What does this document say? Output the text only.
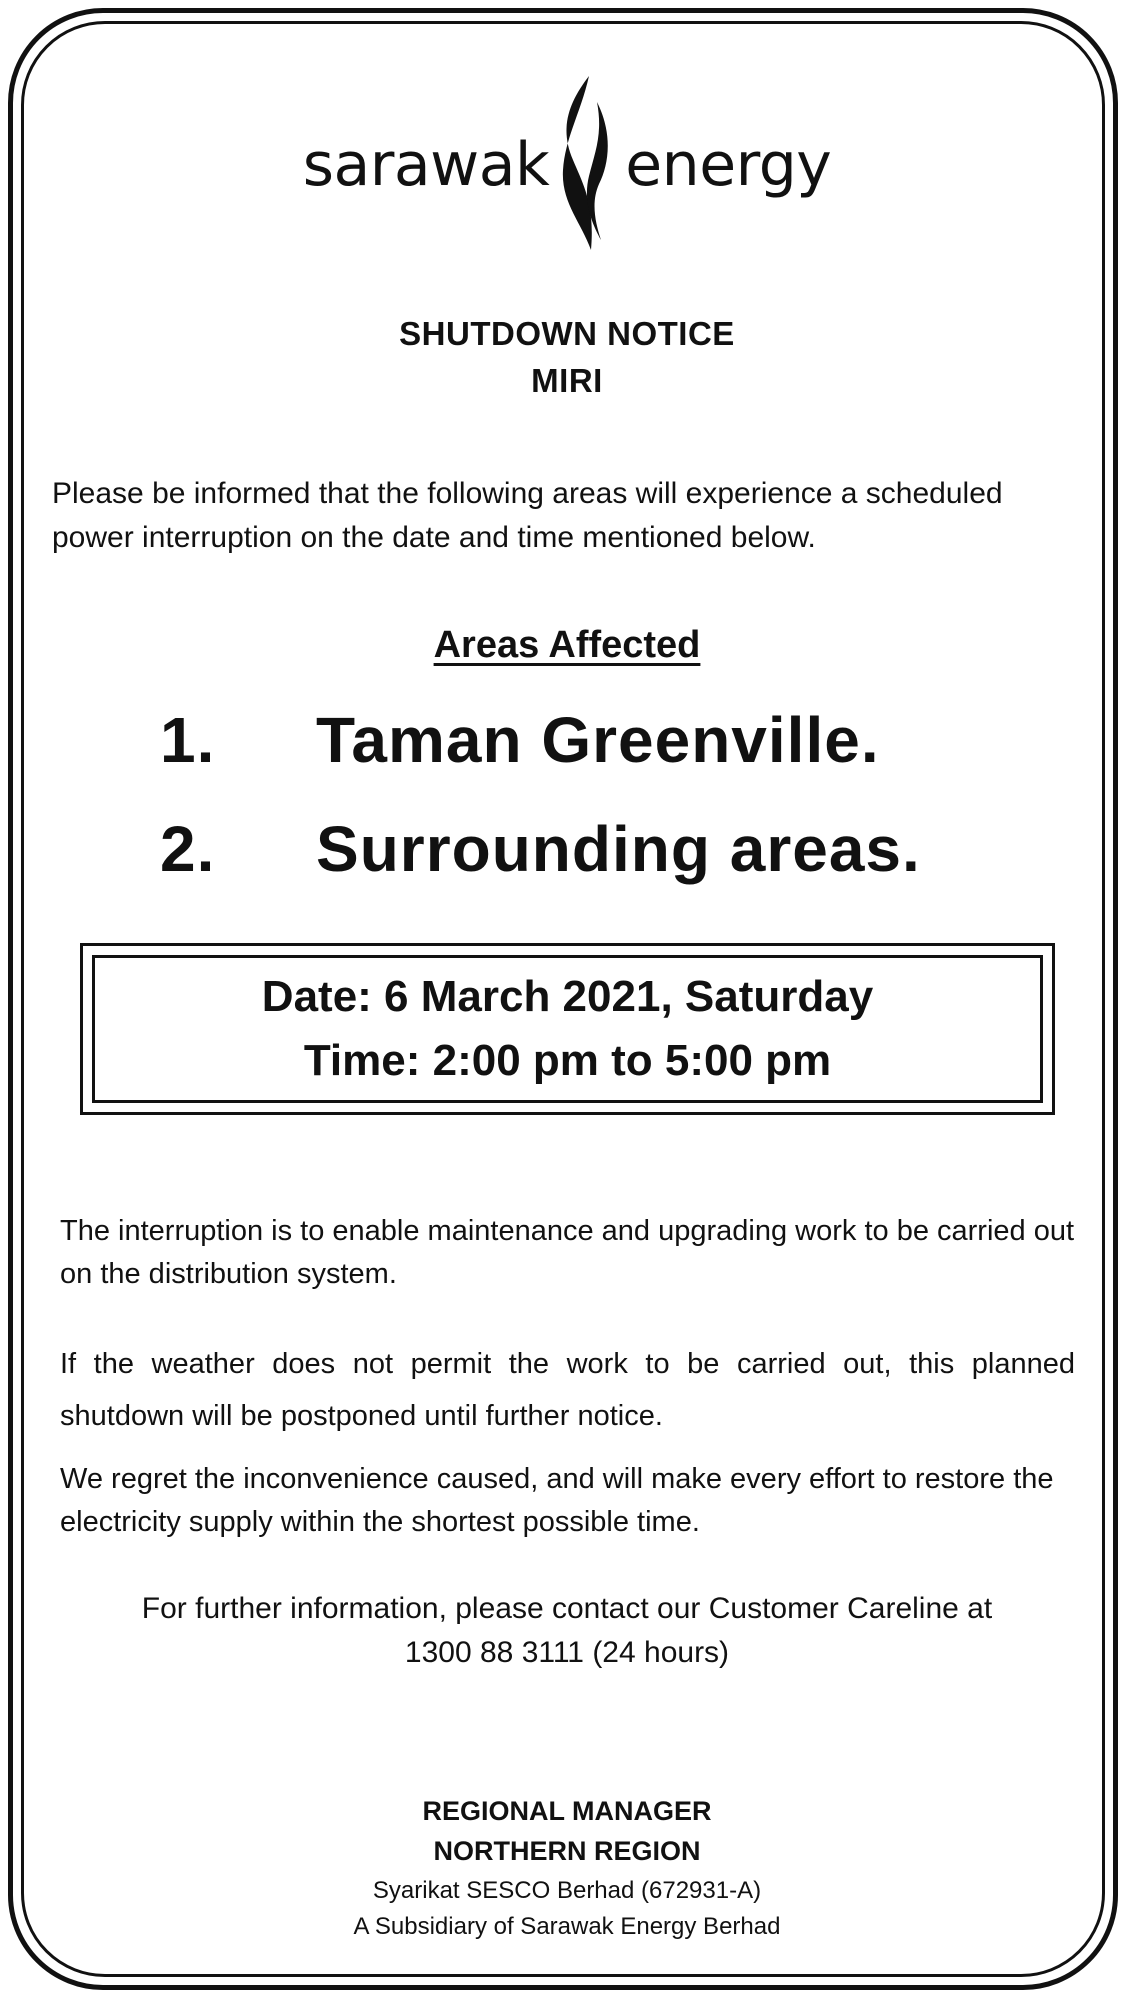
sarawak energy
SHUTDOWN NOTICE
MIRI
Please be informed that the following areas will experience a scheduled power interruption on the date and time mentioned below.
Areas Affected
1.	Taman Greenville.
2.	Surrounding areas.
Date: 6 March 2021, Saturday
Time: 2:00 pm to 5:00 pm
The interruption is to enable maintenance and upgrading work to be carried out on the distribution system.
If the weather does not permit the work to be carried out, this planned shutdown will be postponed until further notice.
We regret the inconvenience caused, and will make every effort to restore the electricity supply within the shortest possible time.
For further information, please contact our Customer Careline at
1300 88 3111 (24 hours)
REGIONAL MANAGER
NORTHERN REGION
Syarikat SESCO Berhad (672931-A)
A Subsidiary of Sarawak Energy Berhad
